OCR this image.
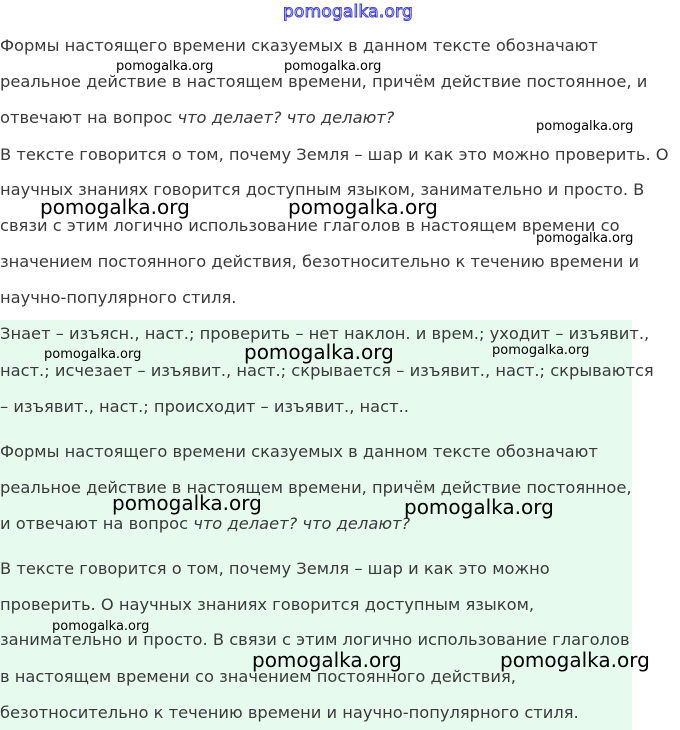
pomogalka.org
Формы настоящего времени сказуемых в данном тексте обозначают
реальное действие в настоящем времени, причём действие постоянное, и
отвечают на вопрос что делает? что делают?
В тексте говорится о том, почему Земля – шар и как это можно проверить. О
научных знаниях говорится доступным языком, занимательно и просто. В
связи с этим логично использование глаголов в настоящем времени со
значением постоянного действия, безотносительно к течению времени и
научно-популярного стиля.
Знает – изъясн., наст.; проверить – нет наклон. и врем.; уходит – изъявит.,
наст.; исчезает – изъявит., наст.; скрывается – изъявит., наст.; скрываются
– изъявит., наст.; происходит – изъявит., наст..
Формы настоящего времени сказуемых в данном тексте обозначают
реальное действие в настоящем времени, причём действие постоянное,
и отвечают на вопрос что делает? что делают?
В тексте говорится о том, почему Земля – шар и как это можно
проверить. О научных знаниях говорится доступным языком,
занимательно и просто. В связи с этим логично использование глаголов
в настоящем времени со значением постоянного действия,
безотносительно к течению времени и научно-популярного стиля.
pomogalka.org	pomogalka.org
pomogalka.org
pomogalka.org	pomogalka.org
pomogalka.org
pomogalka.org	pomogalka.org	pomogalka.org
pomogalka.org	pomogalka.org
pomogalka.org
pomogalka.org	pomogalka.org
